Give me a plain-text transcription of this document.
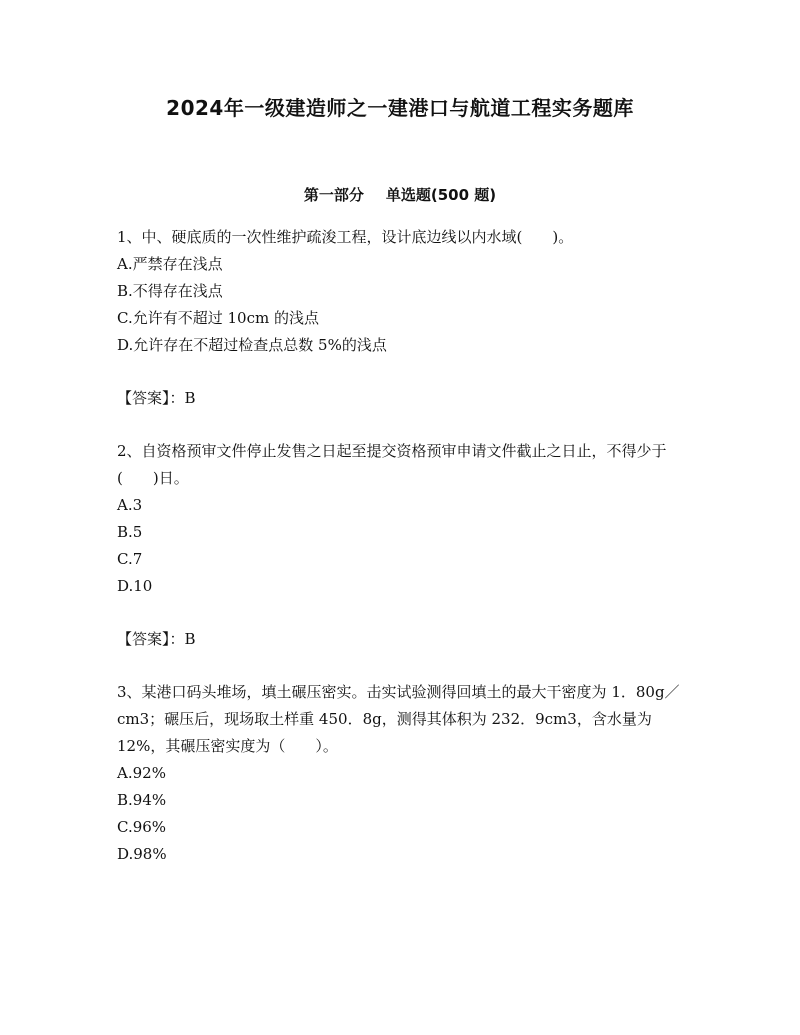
2024年一级建造师之一建港口与航道工程实务题库
第一部分 单选题(500 题)

1、中、硬底质的一次性维护疏浚工程，设计底边线以内水域(　　)。

A.严禁存在浅点
B.不得存在浅点
C.允许有不超过 10cm 的浅点
D.允许存在不超过检查点总数 5%的浅点

【答案】：B

2、自资格预审文件停止发售之日起至提交资格预审申请文件截止之日止，不得少于(　　)日。

A.3
B.5
C.7
D.10

【答案】：B

3、某港口码头堆场，填土碾压密实。击实试验测得回填土的最大干密度为 1．80g／cm3；碾压后，现场取土样重 450．8g，测得其体积为 232．9cm3，含水量为 12%，其碾压密实度为（　　）。

A.92%
B.94%
C.96%
D.98%
